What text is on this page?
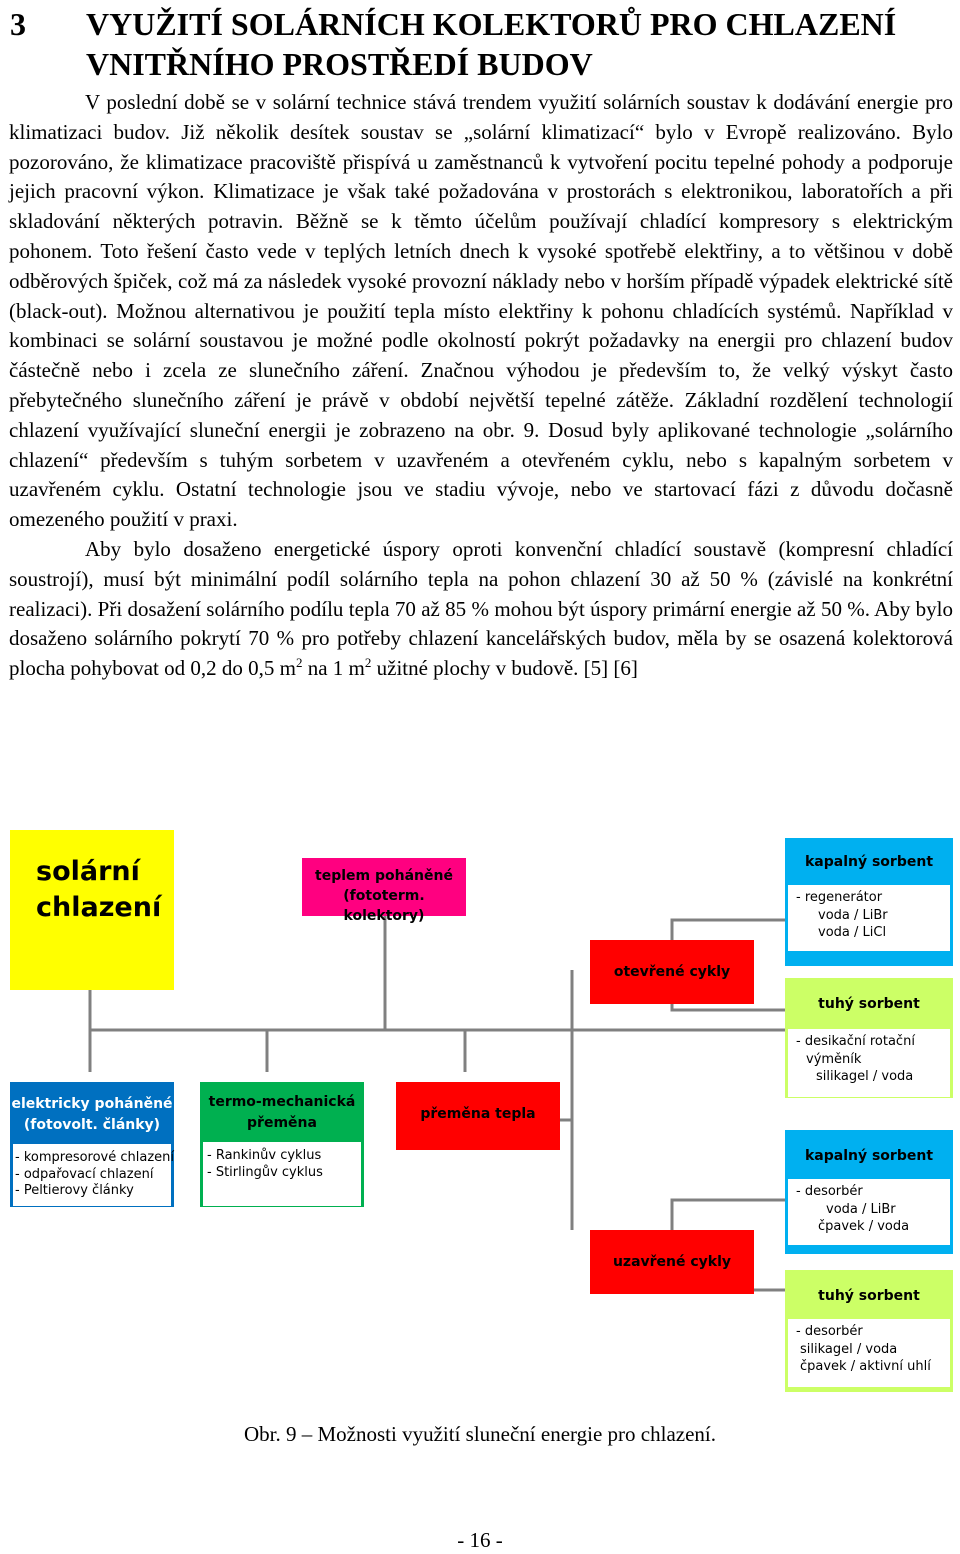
3 VYUŽITÍ SOLÁRNÍCH KOLEKTORŮ PRO CHLAZENÍ VNITŘNÍHO PROSTŘEDÍ BUDOV

V poslední době se v solární technice stává trendem využití solárních soustav k dodávání energie pro klimatizaci budov. Již několik desítek soustav se „solární klimatizací“ bylo v Evropě realizováno. Bylo pozorováno, že klimatizace pracoviště přispívá u zaměstnanců k vytvoření pocitu tepelné pohody a podporuje jejich pracovní výkon. Klimatizace je však také požadována v prostorách s elektronikou, laboratořích a při skladování některých potravin. Běžně se k těmto účelům používají chladící kompresory s elektrickým pohonem. Toto řešení často vede v teplých letních dnech k vysoké spotřebě elektřiny, a to většinou v době odběrových špiček, což má za následek vysoké provozní náklady nebo v horším případě výpadek elektrické sítě (black-out). Možnou alternativou je použití tepla místo elektřiny k pohonu chladících systémů. Například v kombinaci se solární soustavou je možné podle okolností pokrýt požadavky na energii pro chlazení budov částečně nebo i zcela ze slunečního záření. Značnou výhodou je především to, že velký výskyt často přebytečného slunečního záření je právě v období největší tepelné zátěže. Základní rozdělení technologií chlazení využívající sluneční energii je zobrazeno na obr. 9. Dosud byly aplikované technologie „solárního chlazení“ především s tuhým sorbetem v uzavřeném a otevřeném cyklu, nebo s kapalným sorbetem v uzavřeném cyklu. Ostatní technologie jsou ve stadiu vývoje, nebo ve startovací fázi z důvodu dočasně omezeného použití v praxi.

Aby bylo dosaženo energetické úspory oproti konvenční chladící soustavě (kompresní chladící soustrojí), musí být minimální podíl solárního tepla na pohon chlazení 30 až 50 % (závislé na konkrétní realizaci). Při dosažení solárního podílu tepla 70 až 85 % mohou být úspory primární energie až 50 %. Aby bylo dosaženo solárního pokrytí 70 % pro potřeby chlazení kancelářských budov, měla by se osazená kolektorová plocha pohybovat od 0,2 do 0,5 $m^2$ na 1 $m^2$ užitné plochy v budově. [5] [6]

solární
chlazení
teplem poháněné
(fototerm. kolektory)
elektricky poháněné
(fotovolt. články)
- kompresorové chlazení
- odpařovací chlazení
- Peltierovy články
termo-mechanická
přeměna
- Rankinův cyklus
- Stirlingův cyklus
přeměna tepla
otevřené cykly
uzavřené cykly
kapalný sorbent
- regenerátor
voda / LiBr
voda / LiCl
tuhý sorbent
- desikační rotační
výměník
silikagel / voda
kapalný sorbent
- desorbér
voda / LiBr
čpavek / voda
tuhý sorbent
- desorbér
silikagel / voda
čpavek / aktivní uhlí
Obr. 9 – Možnosti využití sluneční energie pro chlazení.
- 16 -
